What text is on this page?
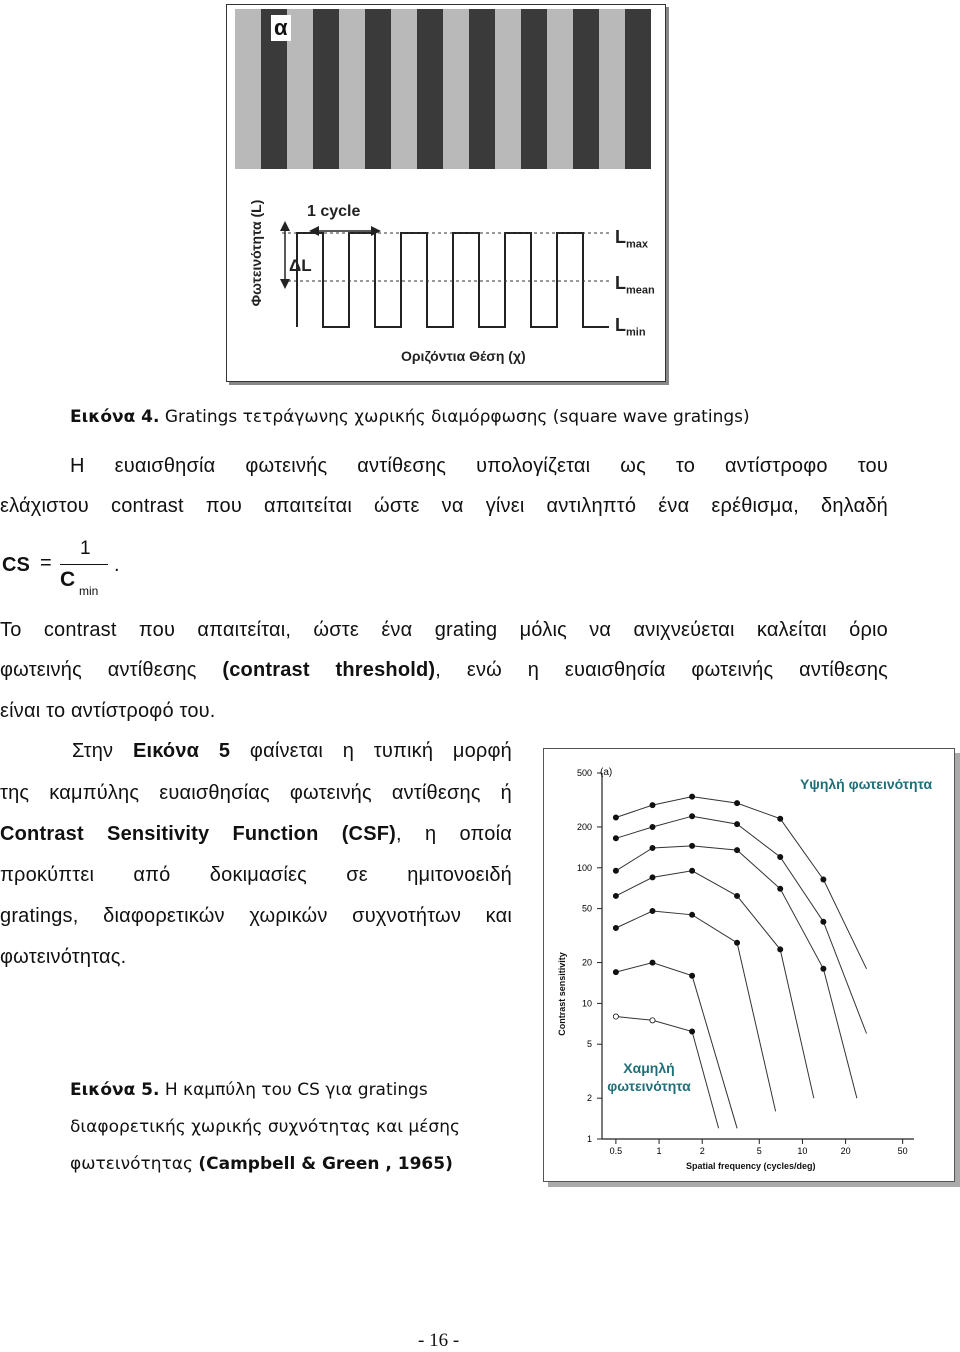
α
Φωτεινότητα (L) ΔL
1 cycle
$L_{max}$
$L_{mean}$
$L_{min}$
Οριζόντια Θέση (χ)
Εικόνα 4. Gratings τετράγωνης χωρικής διαμόρφωσης (square wave gratings)
Η ευαισθησία φωτεινής αντίθεσης υπολογίζεται ως το αντίστροφο του
ελάχιστου contrast που απαιτείται ώστε να γίνει αντιληπτό ένα ερέθισμα, δηλαδή
CS =
1
C min
.
Το contrast που απαιτείται, ώστε ένα grating μόλις να ανιχνεύεται καλείται όριο
φωτεινής αντίθεσης (contrast threshold), ενώ η ευαισθησία φωτεινής αντίθεσης
είναι το αντίστροφό του.
Στην Εικόνα 5 φαίνεται η τυπική μορφή
της καμπύλης ευαισθησίας φωτεινής αντίθεσης ή
Contrast Sensitivity Function (CSF), η οποία
προκύπτει από δοκιμασίες σε ημιτονοειδή
gratings, διαφορετικών χωρικών συχνοτήτων και
φωτεινότητας.
Εικόνα 5. Η καμπύλη του CS για gratings
διαφορετικής χωρικής συχνότητας και μέσης
φωτεινότητας (Campbell & Green , 1965)
1
2
5
10
20
50
100
200
500
0.5	1	2	5	10	20	50
Υψηλή φωτεινότητα
Χαμηλή φωτεινότητα
(a)
Contrast sensitivity
Spatial frequency (cycles/deg)
- 16 -
